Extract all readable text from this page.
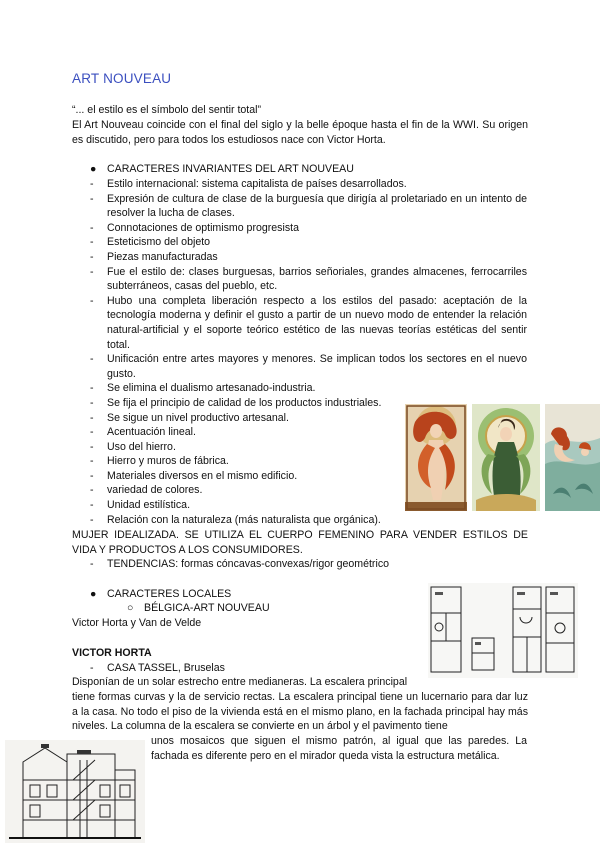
ART NOUVEAU
“... el estilo es el símbolo del sentir total”
El Art Nouveau coincide con el final del siglo y la belle époque hasta el fin de la WWI. Su origen es discutido, pero para todos los estudiosos nace con Victor Horta.
● CARACTERES INVARIANTES DEL ART NOUVEAU
- Estilo internacional: sistema capitalista de países desarrollados.
- Expresión de cultura de clase de la burguesía que dirigía al proletariado en un intento de resolver la lucha de clases.
- Connotaciones de optimismo progresista
- Esteticismo del objeto
- Piezas manufacturadas
- Fue el estilo de: clases burguesas, barrios señoriales, grandes almacenes, ferrocarriles subterráneos, casas del pueblo, etc.
- Hubo una completa liberación respecto a los estilos del pasado: aceptación de la tecnología moderna y definir el gusto a partir de un nuevo modo de entender la relación natural-artificial y el soporte teórico estético de las nuevas teorías estéticas del sentir total.
- Unificación entre artes mayores y menores. Se implican todos los sectores en el nuevo gusto.
- Se elimina el dualismo artesanado-industria.
- Se fija el principio de calidad de los productos industriales.
- Se sigue un nivel productivo artesanal.
- Acentuación lineal.
- Uso del hierro.
- Hierro y muros de fábrica.
- Materiales diversos en el mismo edificio.
- variedad de colores.
- Unidad estilística.
- Relación con la naturaleza (más naturalista que orgánica).
MUJER IDEALIZADA. SE UTILIZA EL CUERPO FEMENINO PARA VENDER ESTILOS DE VIDA Y PRODUCTOS A LOS CONSUMIDORES.
- TENDENCIAS: formas cóncavas-convexas/rigor geométrico
● CARACTERES LOCALES
○ BÉLGICA-ART NOUVEAU
Victor Horta y Van de Velde
VICTOR HORTA
- CASA TASSEL, Bruselas
Disponían de un solar estrecho entre medianeras. La escalera principal
tiene formas curvas y la de servicio rectas. La escalera principal tiene un lucernario para dar luz a la casa. No todo el piso de la vivienda está en el mismo plano, en la fachada principal hay más niveles. La columna de la escalera se convierte en un árbol y el pavimento tiene
unos mosaicos que siguen el mismo patrón, al igual que las paredes. La fachada es diferente pero en el mirador queda vista la estructura metálica.
